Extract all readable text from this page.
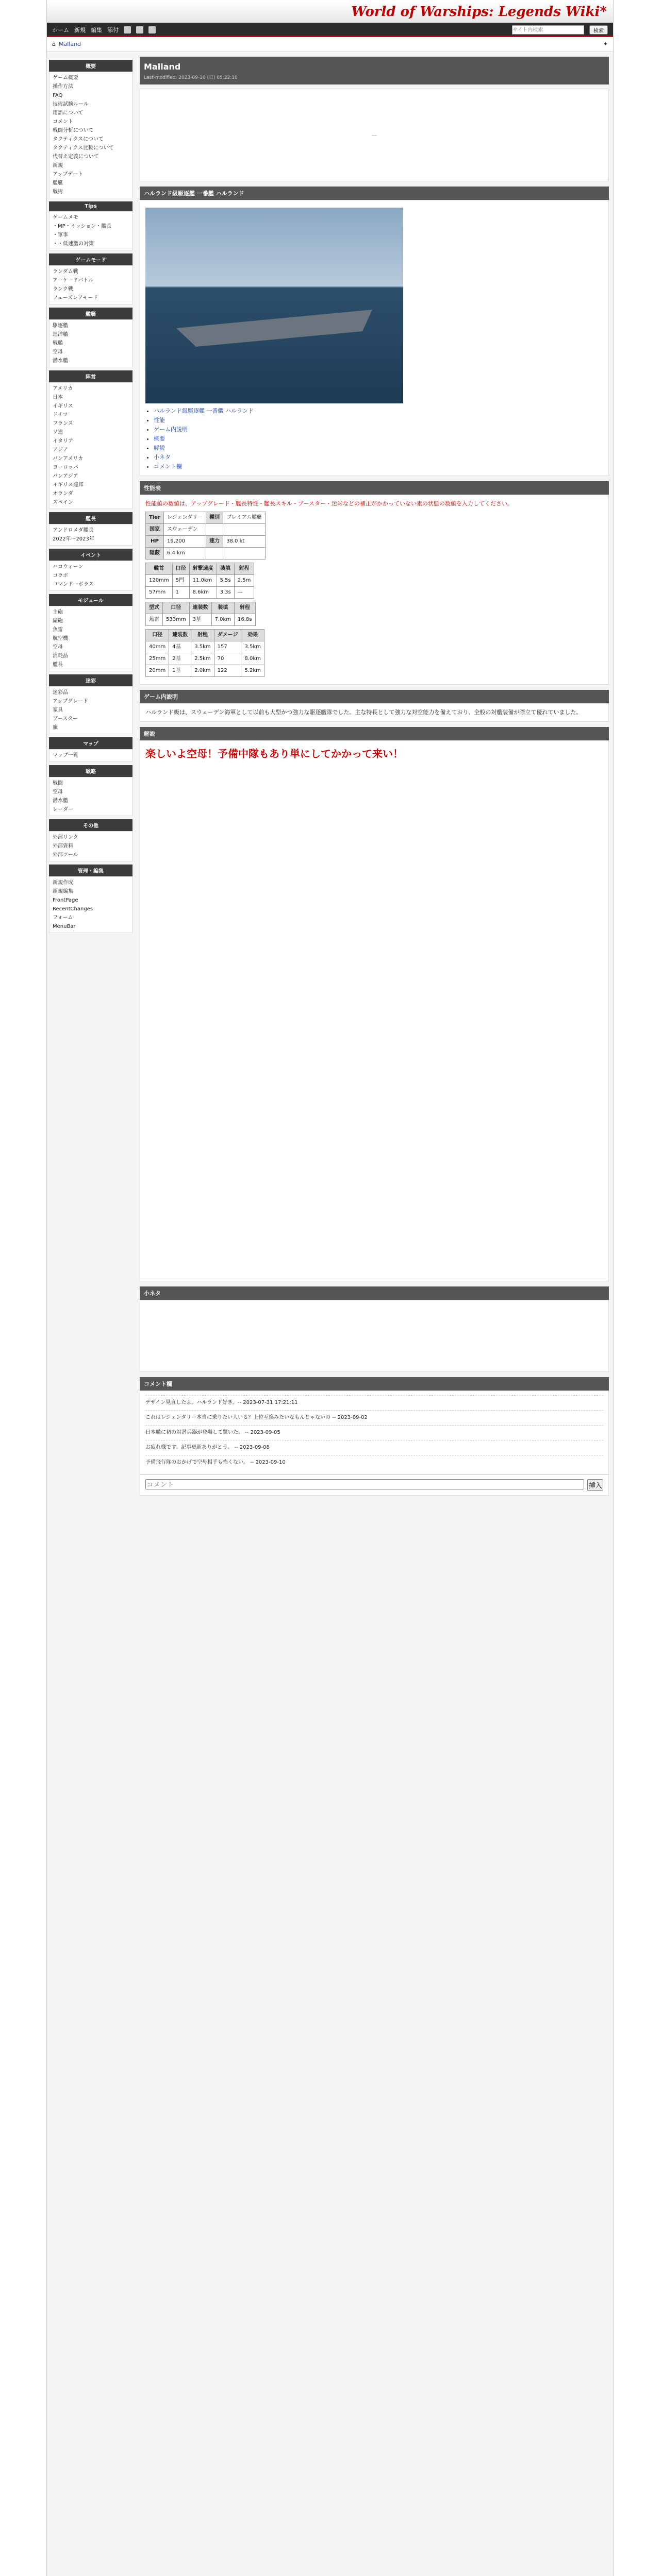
World of Warships: Legends Wiki*
ホーム 新規 編集 添付
サイト内検索	検索
⌂ Malland	✦
概要
ゲーム概要
操作方法
FAQ
技術試験ルール
用語について
コメント
戦闘分析について
タクティクスについて
タクティクス比較について
代替え定義について
新規
アップデート
艦艇
戦術
Tips
ゲームメモ
・MP・ミッション・艦長
・軍事
・・低速艦の対策
ゲームモード
ランダム戦
アーケードバトル
ランク戦
フューズレアモード
艦艇
駆逐艦
巡洋艦
戦艦
空母
潜水艦
陣営
アメリカ
日本
イギリス
ドイツ
フランス
ソ連
イタリア
アジア
パンアメリカ
ヨーロッパ
パンアジア
イギリス連邦
オランダ
スペイン
艦長
アンドロメダ艦長
2022年〜2023年
イベント
ハロウィーン
コラボ
コマンドーボラス
モジュール
主砲
副砲
魚雷
航空機
空母
消耗品
艦長
迷彩
迷彩品
アップグレード
家具
ブースター
旗
マップ
マップ一覧
戦略
戦闘
空母
潜水艦
レーダー
その他
外部リンク
外部資料
外部ツール
管理・編集
新規作成
新規編集
FrontPage
RecentChanges
フォーム
MenuBar
Malland
Last-modified: 2023-09-10 (日) 05:22:10
—
ハルランド級駆逐艦 一番艦 ハルランド
• ハルランド級駆逐艦 一番艦 ハルランド
• 性能
• ゲーム内説明
• 概要
• 解説
• 小ネタ
• コメント欄
性能表
性能値の数値は、アップグレード・艦長特性・艦長スキル・ブースター・迷彩などの補正がかかっていない素の状態の数値を入力してください。
Tier	レジェンダリー	種別	プレミアム艦艇
国家	スウェーデン		
HP	19,200	速力	38.0 kt
隠蔽	6.4 km		
艦首	口径	射撃速度	装填	射程
120mm	5門	11.0km	5.5s	2.5m
57mm	1	8.6km	3.3s	—
型式	口径	連装数	装填	射程
魚雷	533mm	3基	7.0km	16.8s
口径	連装数	射程	ダメージ	効果
40mm	4基	3.5km	157	3.5km
25mm	2基	2.5km	70	8.0km
20mm	1基	2.0km	122	5.2km
ゲーム内説明
ハルランド級は、スウェーデン海軍として以前も大型かつ強力な駆逐艦隊でした。主な特長として強力な対空能力を備えており、全般の対艦装備が際立て優れていました。
解説
楽しいよ空母！予備中隊もあり単にしてかかって来い！
小ネタ
コメント欄
デザイン見直したよ。ハルランド好き。-- 2023-07-31 17:21:11
これはレジェンダリー本当に乗りたい人いる？上位互換みたいなもんじゃないの -- 2023-09-02
日本艦に初の対潜兵器が登場して驚いた。 -- 2023-09-05
お疲れ様です。記事更新ありがとう。 -- 2023-09-08
予備飛行隊のおかげで空母相手も怖くない。 -- 2023-09-10
コメント
挿入
